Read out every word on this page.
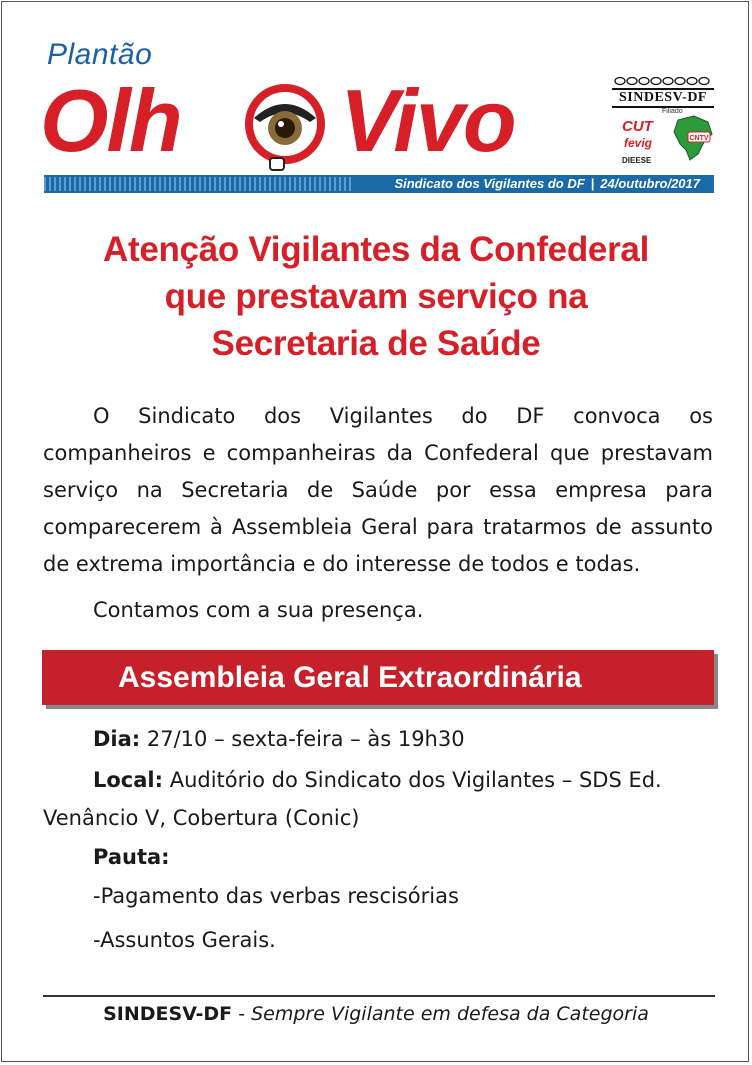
Plantão
Olh Vivo
Sindicato dos Vigilantes do DF | 24/outubro/2017
SINDESV-DF
Filiado
CUT
fevig
DIEESE
CNTV
Atenção Vigilantes da Confederal
que prestavam serviço na
Secretaria de Saúde

O Sindicato dos Vigilantes do DF convoca os companheiros e companheiras da Confederal que prestavam serviço na Secretaria de Saúde por essa empresa para comparecerem à Assembleia Geral para tratarmos de assunto de extrema importância e do interesse de todos e todas.

Contamos com a sua presença.

Assembleia Geral Extraordinária

Dia: 27/10 – sexta-feira – às 19h30

Local: Auditório do Sindicato dos Vigilantes – SDS Ed. Venâncio V, Cobertura (Conic)

Pauta:

-Pagamento das verbas rescisórias

-Assuntos Gerais.

SINDESV-DF - Sempre Vigilante em defesa da Categoria
